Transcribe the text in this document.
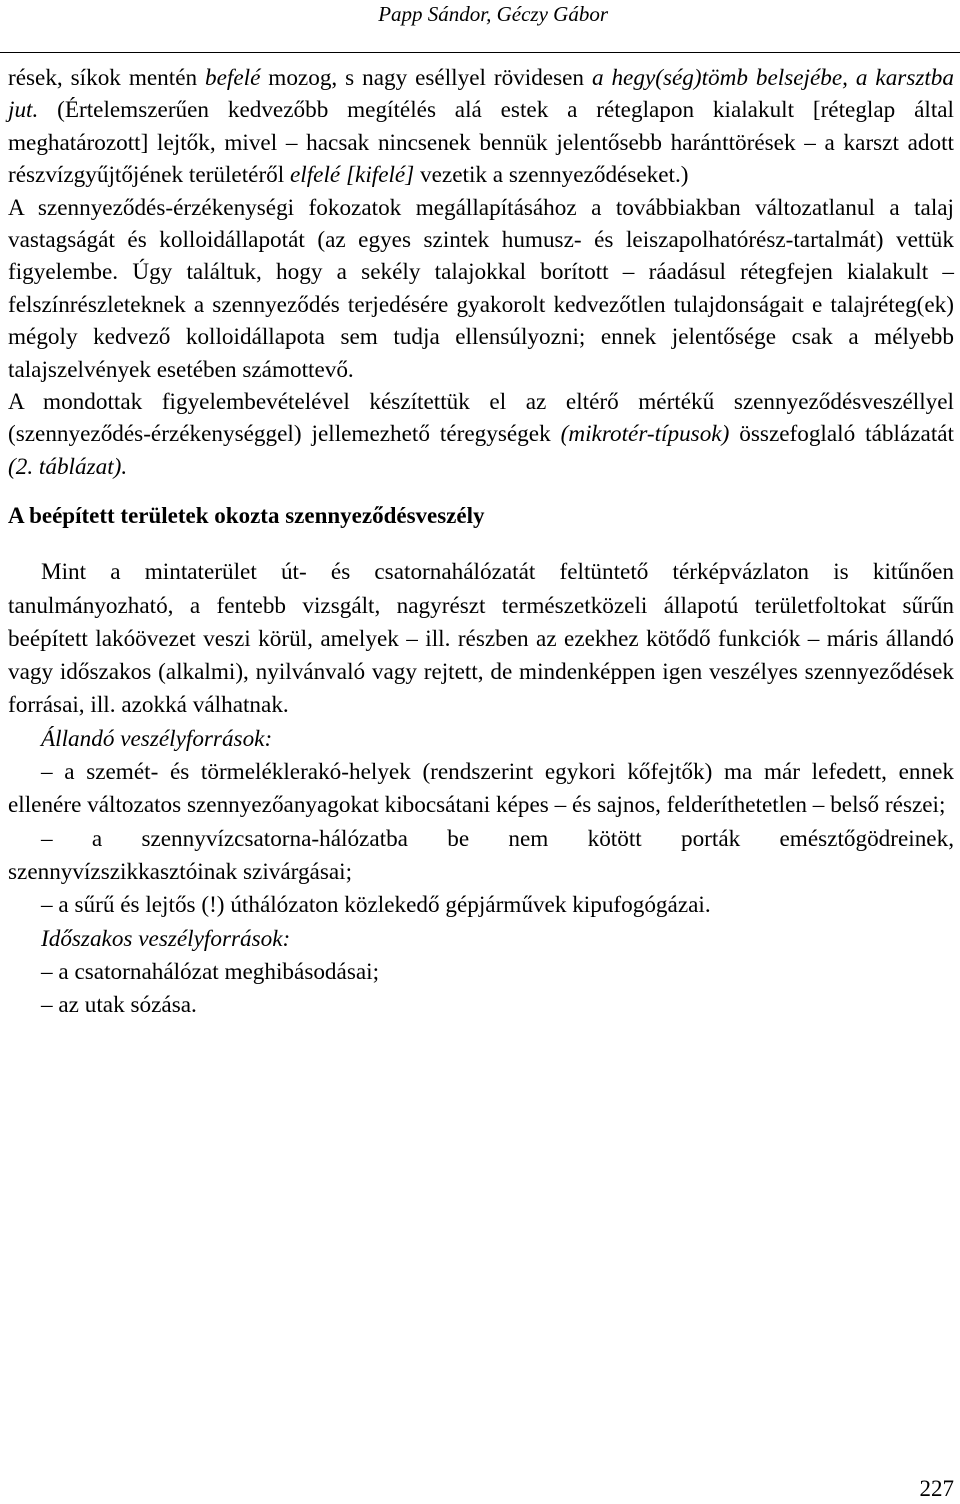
Papp Sándor, Géczy Gábor

rések, síkok mentén befelé mozog, s nagy eséllyel rövidesen a hegy(ség)tömb belsejébe, a karsztba jut. (Értelemszerűen kedvezőbb megítélés alá estek a réteglapon kialakult [réteglap által meghatározott] lejtők, mivel – hacsak nincsenek bennük jelentősebb haránttörések – a karszt adott részvízgyűjtőjének területéről elfelé [kifelé] vezetik a szennyeződéseket.)

A szennyeződés-érzékenységi fokozatok megállapításához a továbbiakban változatlanul a talaj vastagságát és kolloidállapotát (az egyes szintek humusz- és leiszapolhatórész-tartalmát) vettük figyelembe. Úgy találtuk, hogy a sekély talajokkal borított – ráadásul rétegfejen kialakult – felszínrészleteknek a szennyeződés terjedésére gyakorolt kedvezőtlen tulajdonságait e talajréteg(ek) mégoly kedvező kolloidállapota sem tudja ellensúlyozni; ennek jelentősége csak a mélyebb talajszelvények esetében számottevő.

A mondottak figyelembevételével készítettük el az eltérő mértékű szennyeződésveszéllyel (szennyeződés-érzékenységgel) jellemezhető téregységek (mikrotér-típusok) összefoglaló táblázatát (2. táblázat).

A beépített területek okozta szennyeződésveszély

Mint a mintaterület út- és csatornahálózatát feltüntető térképvázlaton is kitűnően tanulmányozható, a fentebb vizsgált, nagyrészt természetközeli állapotú területfoltokat sűrűn beépített lakóövezet veszi körül, amelyek – ill. részben az ezekhez kötődő funkciók – máris állandó vagy időszakos (alkalmi), nyilvánvaló vagy rejtett, de mindenképpen igen veszélyes szennyeződések forrásai, ill. azokká válhatnak.

Állandó veszélyforrások:

– a szemét- és törmeléklerakó-helyek (rendszerint egykori kőfejtők) ma már lefedett, ennek ellenére változatos szennyezőanyagokat kibocsátani képes – és sajnos, felderíthetetlen – belső részei;

– a szennyvízcsatorna-hálózatba be nem kötött porták emésztőgödreinek, szennyvízszikkasztóinak szivárgásai;

– a sűrű és lejtős (!) úthálózaton közlekedő gépjárművek kipufogógázai.

Időszakos veszélyforrások:

– a csatornahálózat meghibásodásai;

– az utak sózása.

227
